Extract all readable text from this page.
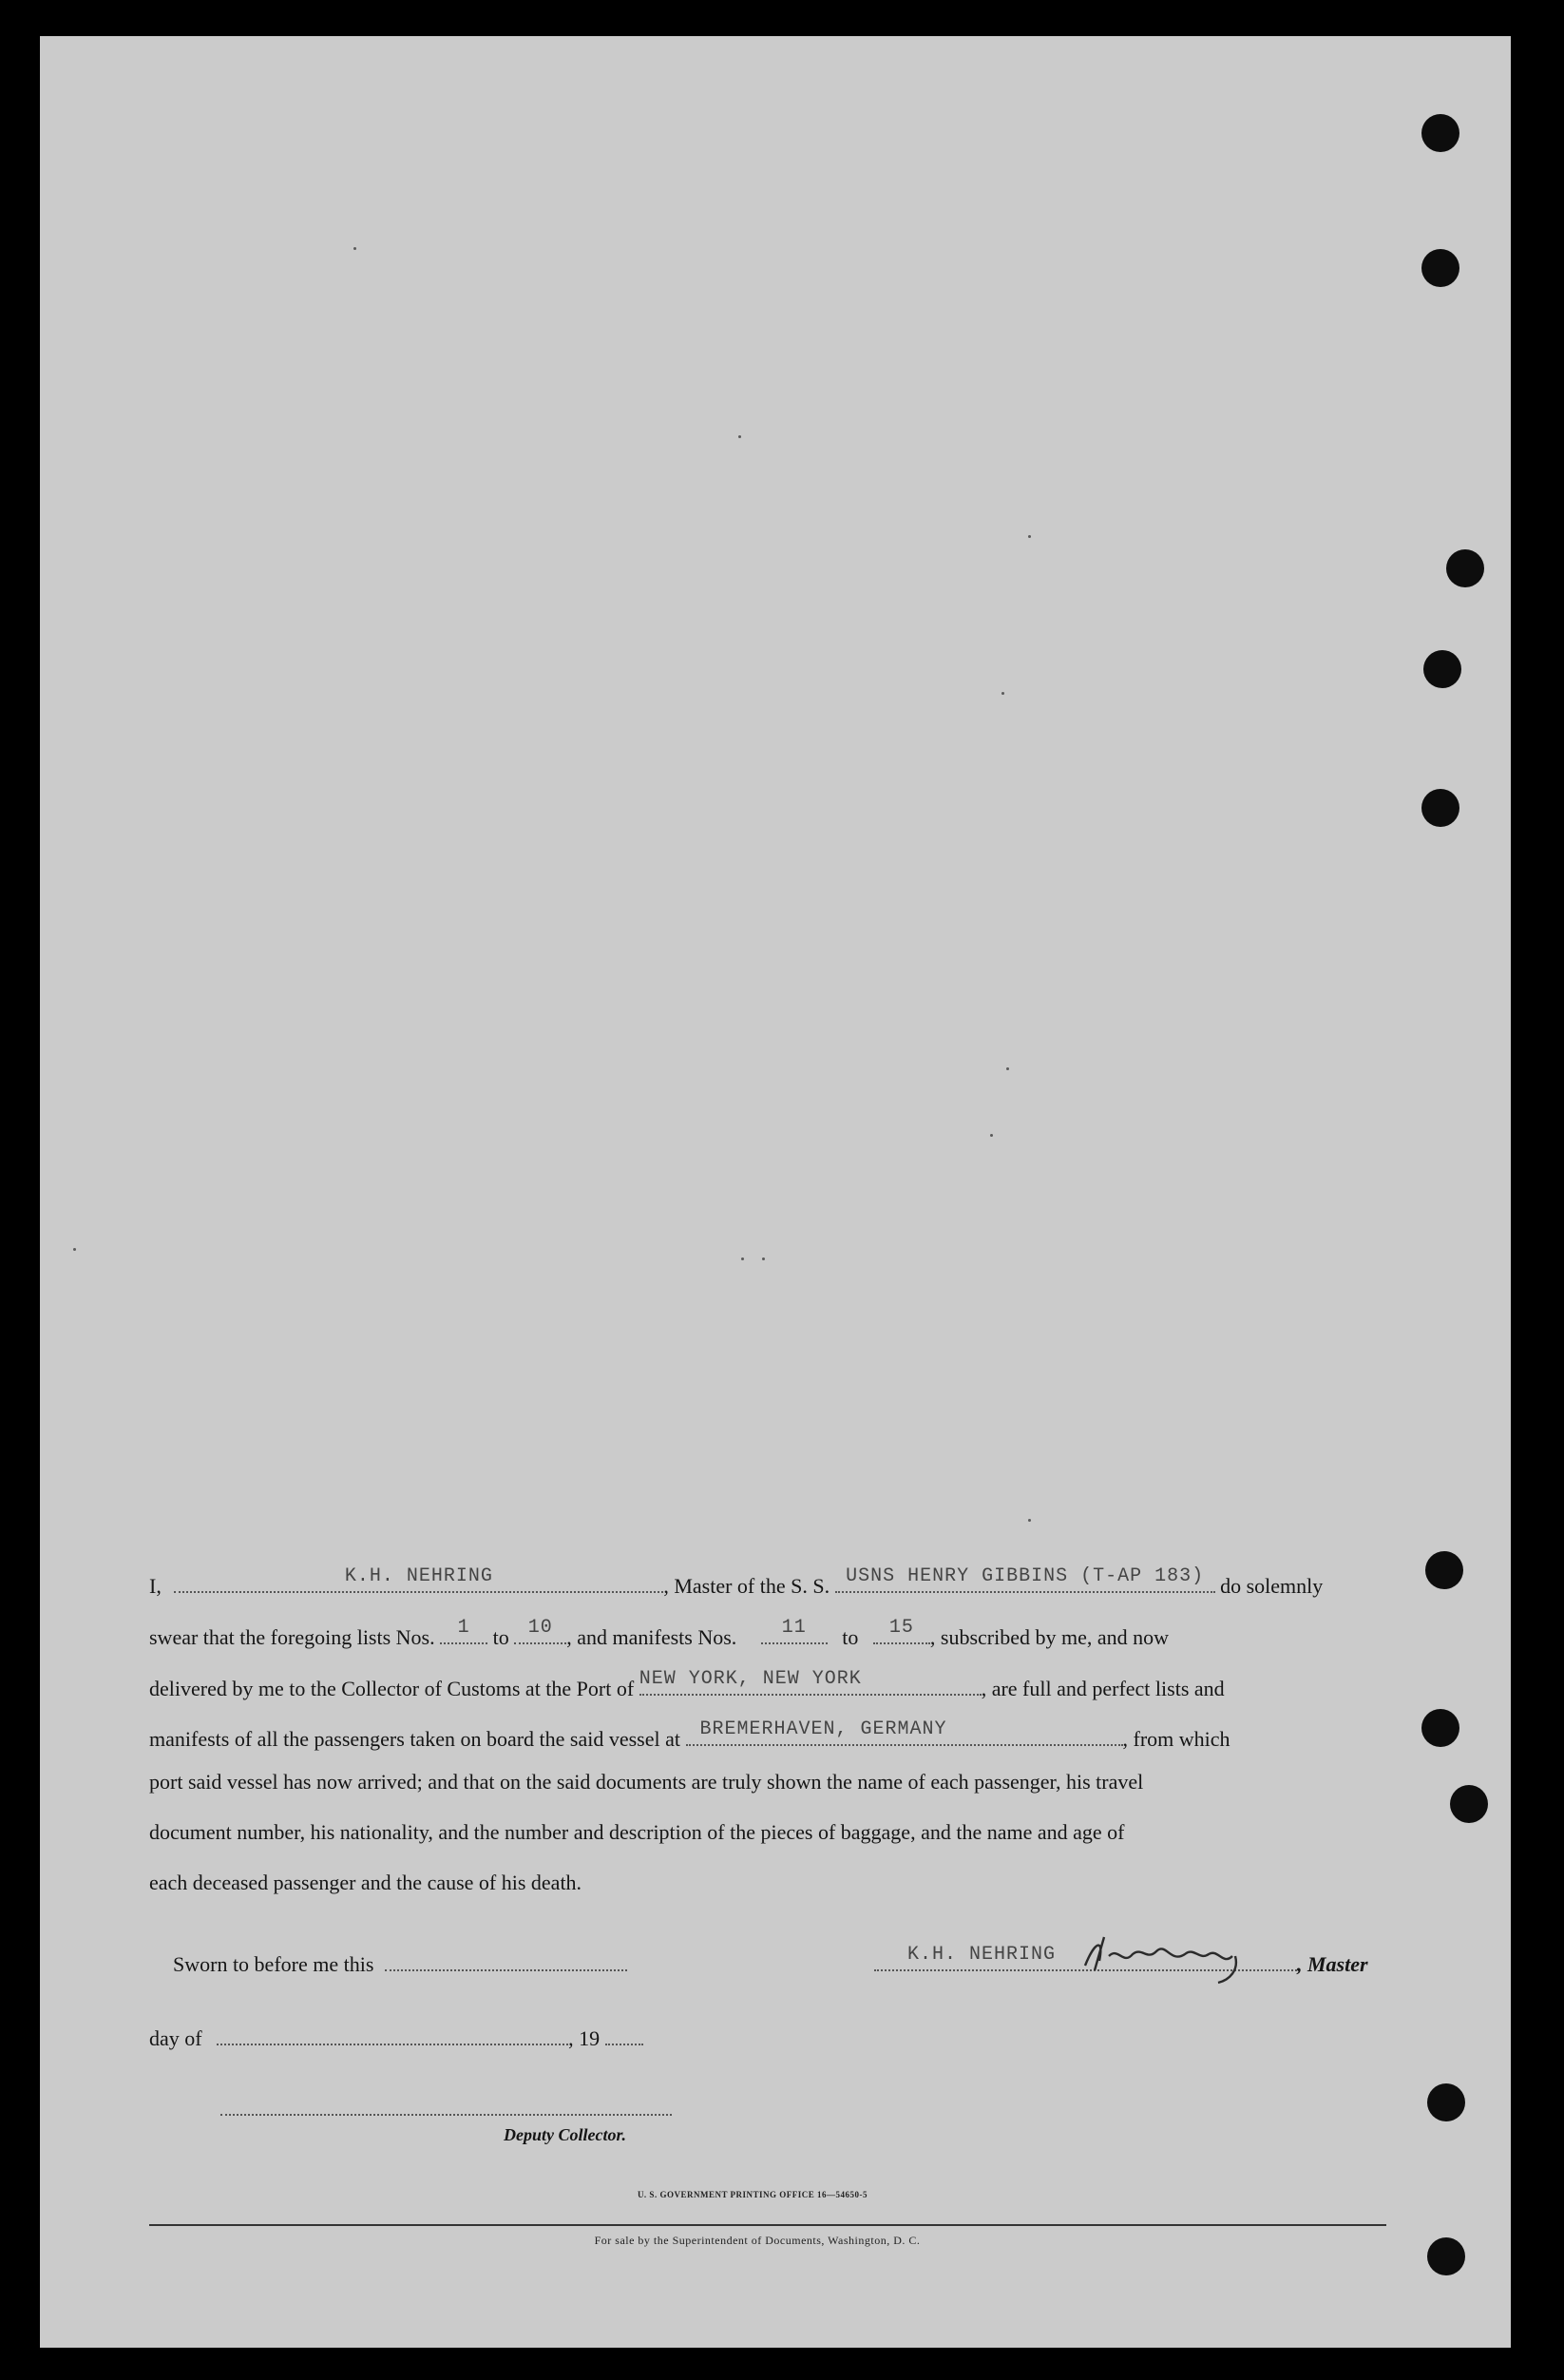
I,	K.H. NEHRING	, Master of the S. S. USNS HENRY GIBBINS (T-AP 183) do solemnly
swear that the foregoing lists Nos.	1	to 10 , and manifests Nos.	11	to	15 , subscribed by me, and now
delivered by me to the Collector of Customs at the Port of NEW YORK, NEW YORK	, are full and perfect lists and
manifests of all the passengers taken on board the said vessel at BREMERHAVEN, GERMANY	, from which
port said vessel has now arrived; and that on the said documents are truly shown the name of each passenger, his travel
document number, his nationality, and the number and description of the pieces of baggage, and the name and age of
each deceased passenger and the cause of his death.
Sworn to before me this	K.H. NEHRING	, Master
day of	, 19
Deputy Collector.
U. S. GOVERNMENT PRINTING OFFICE 16—54650-5
For sale by the Superintendent of Documents, Washington, D. C.
